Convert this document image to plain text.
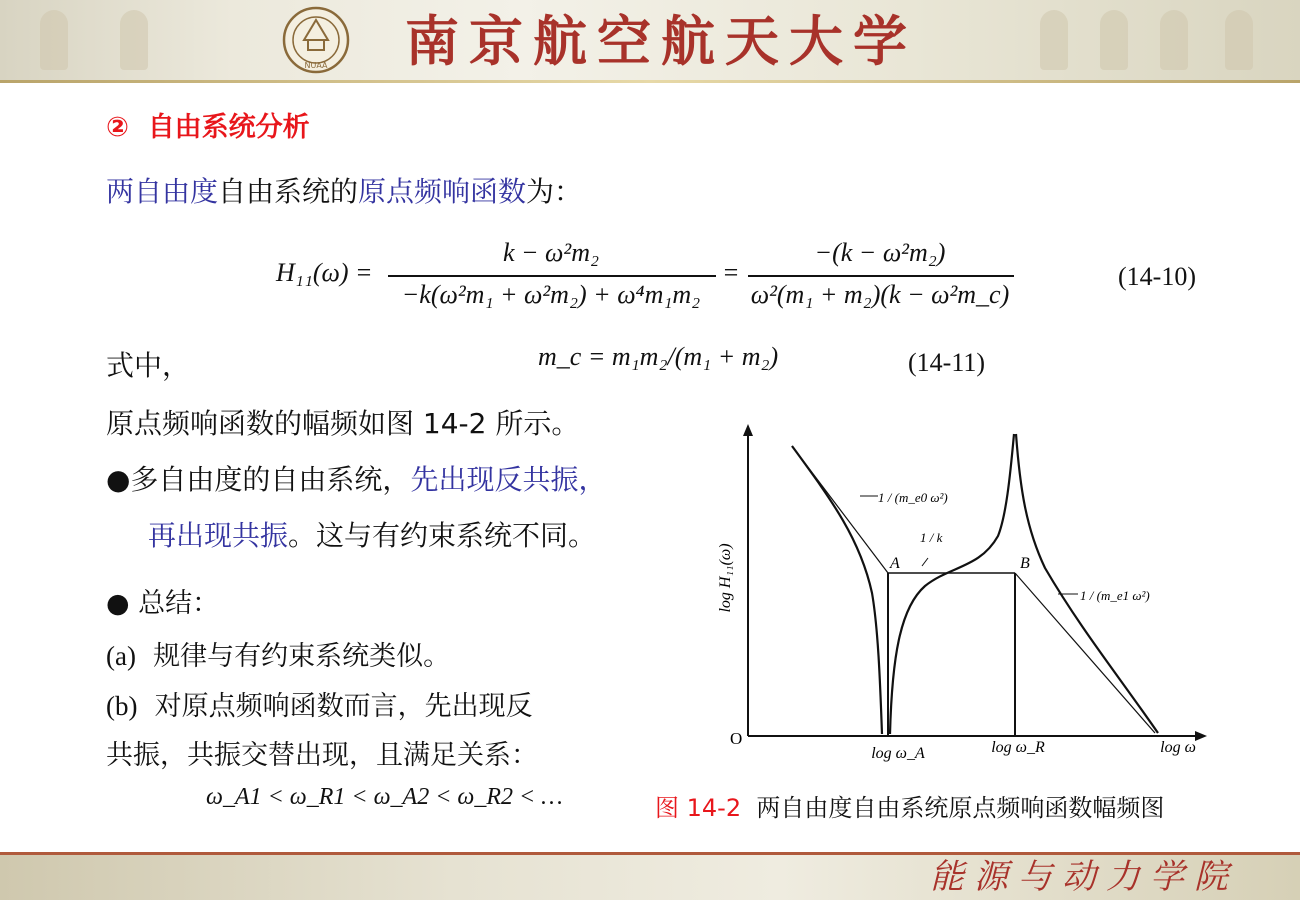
NUAA 南京航空航天大学
② 自由系统分析
两自由度自由系统的原点频响函数为：
H₁₁(ω) =
k − ω²m₂
−k(ω²m₁ + ω²m₂) + ω⁴m₁m₂
=
−(k − ω²m₂)
ω²(m₁ + m₂)(k − ω²m_c)
(14-10)
式中，	m_c = m₁m₂/(m₁ + m₂)	(14-11)
原点频响函数的幅频如图 14-2 所示。
●多自由度的自由系统，先出现反共振，
再出现共振。这与有约束系统不同。
● 总结：
(a) 规律与有约束系统类似。
(b) 对原点频响函数而言，先出现反
共振，共振交替出现，且满足关系：
ω_A1 < ω_R1 < ω_A2 < ω_R2 < …
log H₁₁(ω)
O
log ω_A	log ω_R	log ω
A	B
1 / (m_e0 ω²)
1 / k
1 / (m_e1 ω²)
图 14-2 两自由度自由系统原点频响函数幅频图
能源与动力学院
